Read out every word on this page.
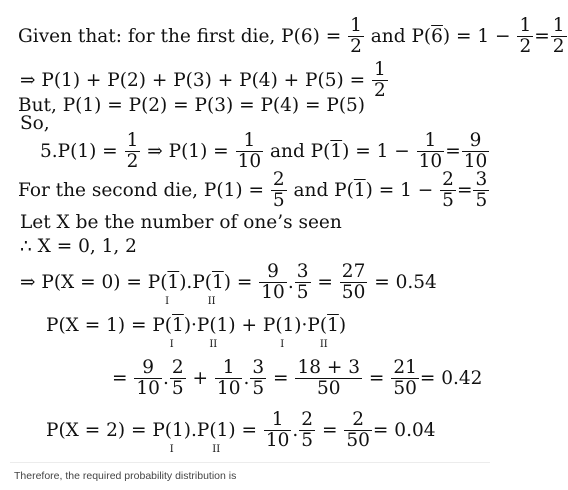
Given that: for the first die, $P(6) = \frac{1}{2}$ and $P(6) = 1 - \frac{1}{2} = \frac{1}{2}$
⇒ $P(1) + P(2) + P(3) + P(4) + P(5) = \frac{1}{2}$
But, P(1) = P(2) = P(3) = P(4) = P(5)
So,
$5.P(1) = \frac{1}{2}$ ⇒ $P(1) = \frac{1}{10}$ and $P(1) = 1 - \frac{1}{10} = \frac{9}{10}$
For the second die, $P(1) = \frac{2}{5}$ and $P(1) = 1 - \frac{2}{5} = \frac{3}{5}$
Let X be the number of one’s seen
∴ X = 0, 1, 2
⇒ P(X = 0) = P(1)
I
.P(1)
II
= $\frac{9}{10}$ . $\frac{3}{5} = \frac{27}{50} = 0.54$
P(X = 1) = P(1)
I
·P(1)
II
+ P(1)
I
·P(1)
II
= $\frac{9}{10}$ . $\frac{2}{5} + \frac{1}{10}$ . $\frac{3}{5} = \frac{18 + 3}{50} = \frac{21}{50} = 0.42$
P(X = 2) = P(1)
I
.P(1)
II
= $\frac{1}{10}$ . $\frac{2}{5} = \frac{2}{50} = 0.04$
Therefore, the required probability distribution is
